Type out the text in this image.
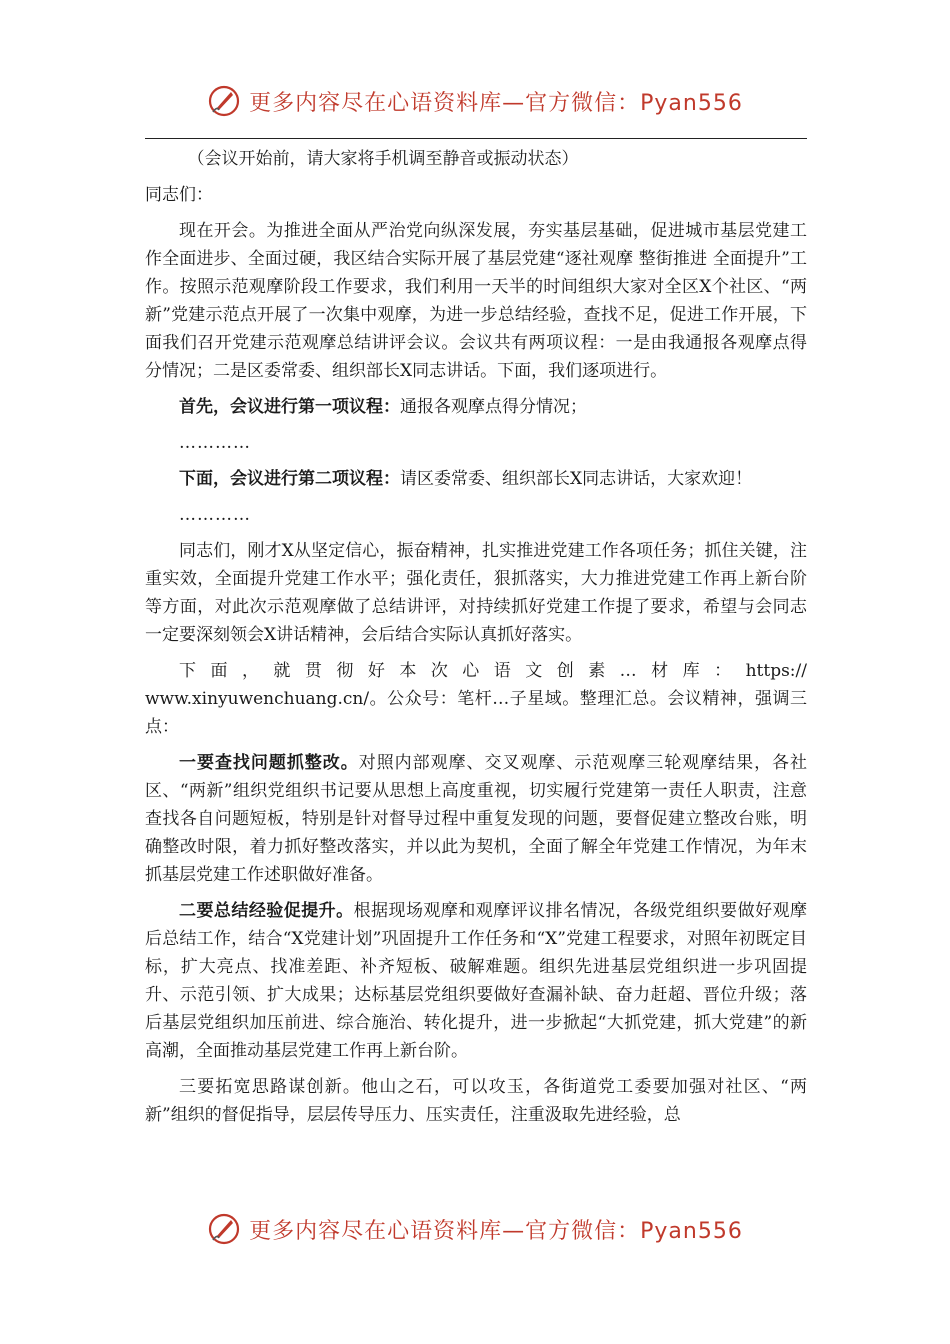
更多内容尽在心语资料库—官方微信：Pyan556

（会议开始前，请大家将手机调至静音或振动状态）

同志们：

现在开会。为推进全面从严治党向纵深发展，夯实基层基础，促进城市基层党建工作全面进步、全面过硬，我区结合实际开展了基层党建“逐社观摩 整街推进 全面提升”工作。按照示范观摩阶段工作要求，我们利用一天半的时间组织大家对全区X个社区、“两新”党建示范点开展了一次集中观摩，为进一步总结经验，查找不足，促进工作开展，下面我们召开党建示范观摩总结讲评会议。会议共有两项议程：一是由我通报各观摩点得分情况；二是区委常委、组织部长X同志讲话。下面，我们逐项进行。

首先，会议进行第一项议程：通报各观摩点得分情况；

…………

下面，会议进行第二项议程：请区委常委、组织部长X同志讲话，大家欢迎！

…………

同志们，刚才X从坚定信心，振奋精神，扎实推进党建工作各项任务；抓住关键，注重实效，全面提升党建工作水平；强化责任，狠抓落实，大力推进党建工作再上新台阶等方面，对此次示范观摩做了总结讲评，对持续抓好党建工作提了要求，希望与会同志一定要深刻领会X讲话精神，会后结合实际认真抓好落实。

下面，就贯彻好本次心语文创素…材库：https://
www.xinyuwenchuang.cn/。公众号：笔杆…子星域。整理汇总。会议精神，强调三点：

一要查找问题抓整改。对照内部观摩、交叉观摩、示范观摩三轮观摩结果，各社区、“两新”组织党组织书记要从思想上高度重视，切实履行党建第一责任人职责，注意查找各自问题短板，特别是针对督导过程中重复发现的问题，要督促建立整改台账，明确整改时限，着力抓好整改落实，并以此为契机，全面了解全年党建工作情况，为年末抓基层党建工作述职做好准备。

二要总结经验促提升。根据现场观摩和观摩评议排名情况，各级党组织要做好观摩后总结工作，结合“X党建计划”巩固提升工作任务和“X”党建工程要求，对照年初既定目标，扩大亮点、找准差距、补齐短板、破解难题。组织先进基层党组织进一步巩固提升、示范引领、扩大成果；达标基层党组织要做好查漏补缺、奋力赶超、晋位升级；落后基层党组织加压前进、综合施治、转化提升，进一步掀起“大抓党建，抓大党建”的新高潮，全面推动基层党建工作再上新台阶。

三要拓宽思路谋创新。他山之石，可以攻玉，各街道党工委要加强对社区、“两新”组织的督促指导，层层传导压力、压实责任，注重汲取先进经验，总

更多内容尽在心语资料库—官方微信：Pyan556
